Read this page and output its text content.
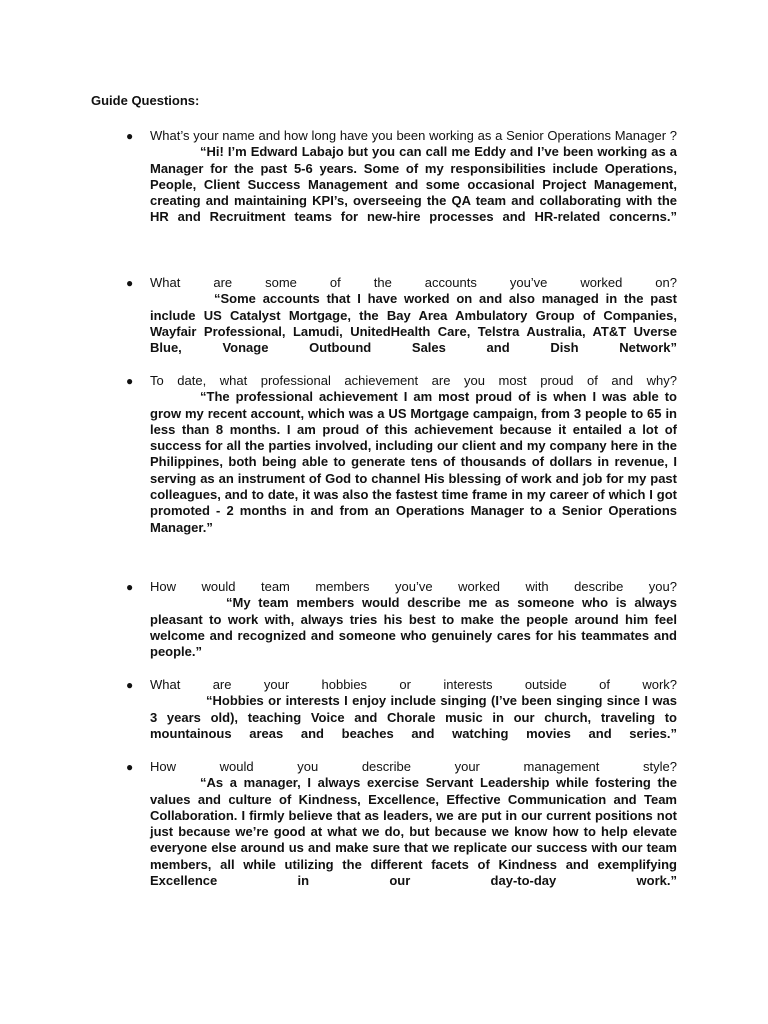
Guide Questions:
● What’s your name and how long have you been working as a Senior Operations Manager ?
“Hi! I’m Edward Labajo but you can call me Eddy and I’ve been working as a Manager for the past 5-6 years. Some of my responsibilities include Operations, People, Client Success Management and some occasional Project Management, creating and maintaining KPI’s, overseeing the QA team and collaborating with the HR and Recruitment teams for new-hire processes and HR-related concerns.”
● What are some of the accounts you’ve worked on?
“Some accounts that I have worked on and also managed in the past include US Catalyst Mortgage, the Bay Area Ambulatory Group of Companies, Wayfair Professional, Lamudi, UnitedHealth Care, Telstra Australia, AT&T Uverse Blue, Vonage Outbound Sales and Dish Network”
● To date, what professional achievement are you most proud of and why?
“The professional achievement I am most proud of is when I was able to grow my recent account, which was a US Mortgage campaign, from 3 people to 65 in less than 8 months. I am proud of this achievement because it entailed a lot of success for all the parties involved, including our client and my company here in the Philippines, both being able to generate tens of thousands of dollars in revenue, I serving as an instrument of God to channel His blessing of work and job for my past colleagues, and to date, it was also the fastest time frame in my career of which I got promoted - 2 months in and from an Operations Manager to a Senior Operations Manager.”
● How would team members you’ve worked with describe you?
“My team members would describe me as someone who is always pleasant to work with, always tries his best to make the people around him feel welcome and recognized and someone who genuinely cares for his teammates and people.”
● What are your hobbies or interests outside of work?
“Hobbies or interests I enjoy include singing (I’ve been singing since I was 3 years old), teaching Voice and Chorale music in our church, traveling to mountainous areas and beaches and watching movies and series.”
● How would you describe your management style?
“As a manager, I always exercise Servant Leadership while fostering the values and culture of Kindness, Excellence, Effective Communication and Team Collaboration. I firmly believe that as leaders, we are put in our current positions not just because we’re good at what we do, but because we know how to help elevate everyone else around us and make sure that we replicate our success with our team members, all while utilizing the different facets of Kindness and exemplifying Excellence in our day-to-day work.”
